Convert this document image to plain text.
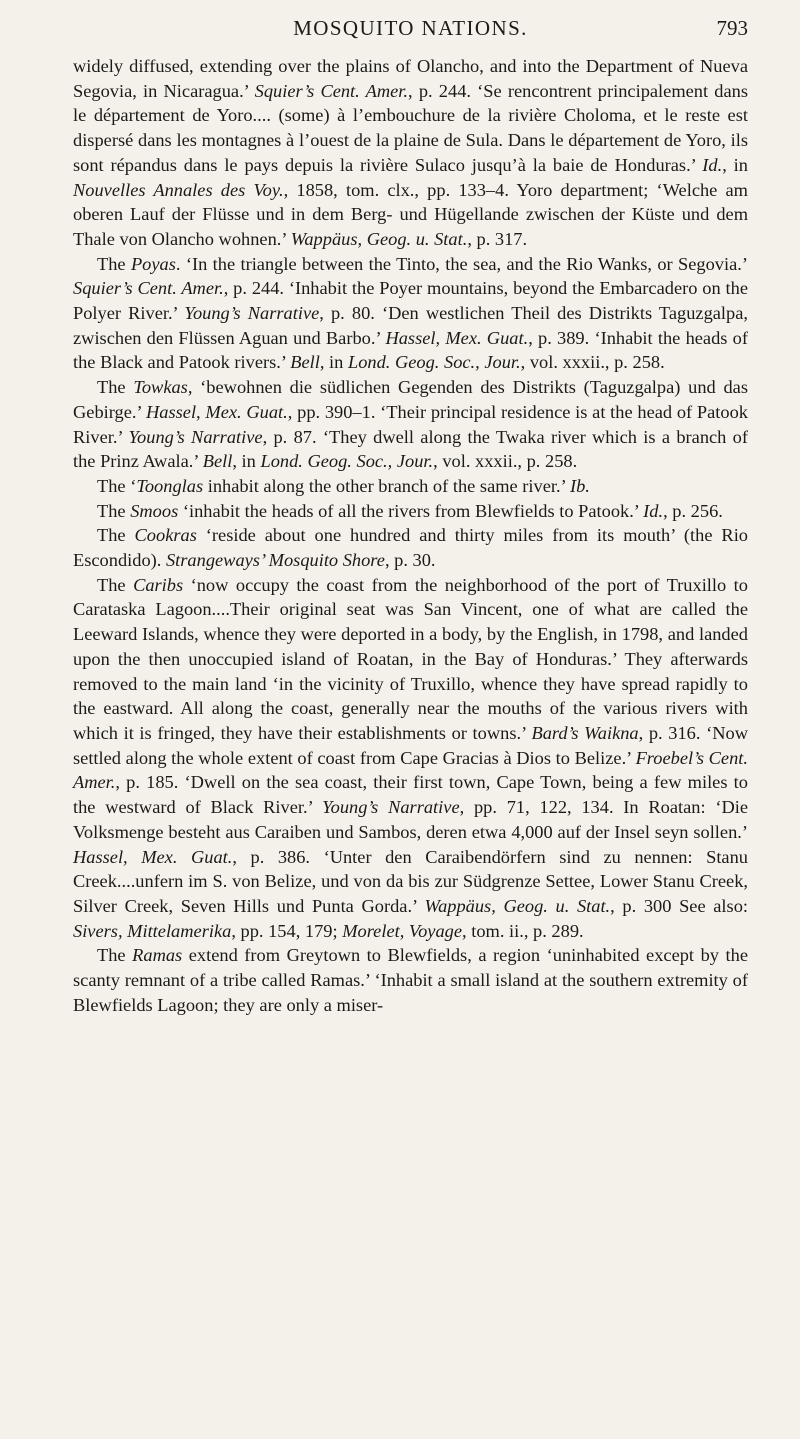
MOSQUITO NATIONS.	793

widely diffused, extending over the plains of Olancho, and into the Department of Nueva Segovia, in Nicaragua.’ Squier’s Cent. Amer., p. 244. ‘Se rencontrent principalement dans le département de Yoro.... (some) à l’embouchure de la rivière Choloma, et le reste est dispersé dans les montagnes à l’ouest de la plaine de Sula. Dans le département de Yoro, ils sont répandus dans le pays depuis la rivière Sulaco jusqu’à la baie de Honduras.’ Id., in Nouvelles Annales des Voy., 1858, tom. clx., pp. 133–4. Yoro department; ‘Welche am oberen Lauf der Flüsse und in dem Berg- und Hügellande zwischen der Küste und dem Thale von Olancho wohnen.’ Wappäus, Geog. u. Stat., p. 317.

The Poyas. ‘In the triangle between the Tinto, the sea, and the Rio Wanks, or Segovia.’ Squier’s Cent. Amer., p. 244. ‘Inhabit the Poyer mountains, beyond the Embarcadero on the Polyer River.’ Young’s Narrative, p. 80. ‘Den westlichen Theil des Distrikts Taguzgalpa, zwischen den Flüssen Aguan und Barbo.’ Hassel, Mex. Guat., p. 389. ‘Inhabit the heads of the Black and Patook rivers.’ Bell, in Lond. Geog. Soc., Jour., vol. xxxii., p. 258.

The Towkas, ‘bewohnen die südlichen Gegenden des Distrikts (Taguzgalpa) und das Gebirge.’ Hassel, Mex. Guat., pp. 390–1. ‘Their principal residence is at the head of Patook River.’ Young’s Narrative, p. 87. ‘They dwell along the Twaka river which is a branch of the Prinz Awala.’ Bell, in Lond. Geog. Soc., Jour., vol. xxxii., p. 258.

The ‘Toonglas inhabit along the other branch of the same river.’ Ib.

The Smoos ‘inhabit the heads of all the rivers from Blewfields to Patook.’ Id., p. 256.

The Cookras ‘reside about one hundred and thirty miles from its mouth’ (the Rio Escondido). Strangeways’ Mosquito Shore, p. 30.

The Caribs ‘now occupy the coast from the neighborhood of the port of Truxillo to Carataska Lagoon....Their original seat was San Vincent, one of what are called the Leeward Islands, whence they were deported in a body, by the English, in 1798, and landed upon the then unoccupied island of Roatan, in the Bay of Honduras.’ They afterwards removed to the main land ‘in the vicinity of Truxillo, whence they have spread rapidly to the eastward. All along the coast, generally near the mouths of the various rivers with which it is fringed, they have their establishments or towns.’ Bard’s Waikna, p. 316. ‘Now settled along the whole extent of coast from Cape Gracias à Dios to Belize.’ Froebel’s Cent. Amer., p. 185. ‘Dwell on the sea coast, their first town, Cape Town, being a few miles to the westward of Black River.’ Young’s Narrative, pp. 71, 122, 134. In Roatan: ‘Die Volksmenge besteht aus Caraiben und Sambos, deren etwa 4,000 auf der Insel seyn sollen.’ Hassel, Mex. Guat., p. 386. ‘Unter den Caraibendörfern sind zu nennen: Stanu Creek....unfern im S. von Belize, und von da bis zur Südgrenze Settee, Lower Stanu Creek, Silver Creek, Seven Hills und Punta Gorda.’ Wappäus, Geog. u. Stat., p. 300 See also: Sivers, Mittelamerika, pp. 154, 179; Morelet, Voyage, tom. ii., p. 289.

The Ramas extend from Greytown to Blewfields, a region ‘uninhabited except by the scanty remnant of a tribe called Ramas.’ ‘Inhabit a small island at the southern extremity of Blewfields Lagoon; they are only a miser-
